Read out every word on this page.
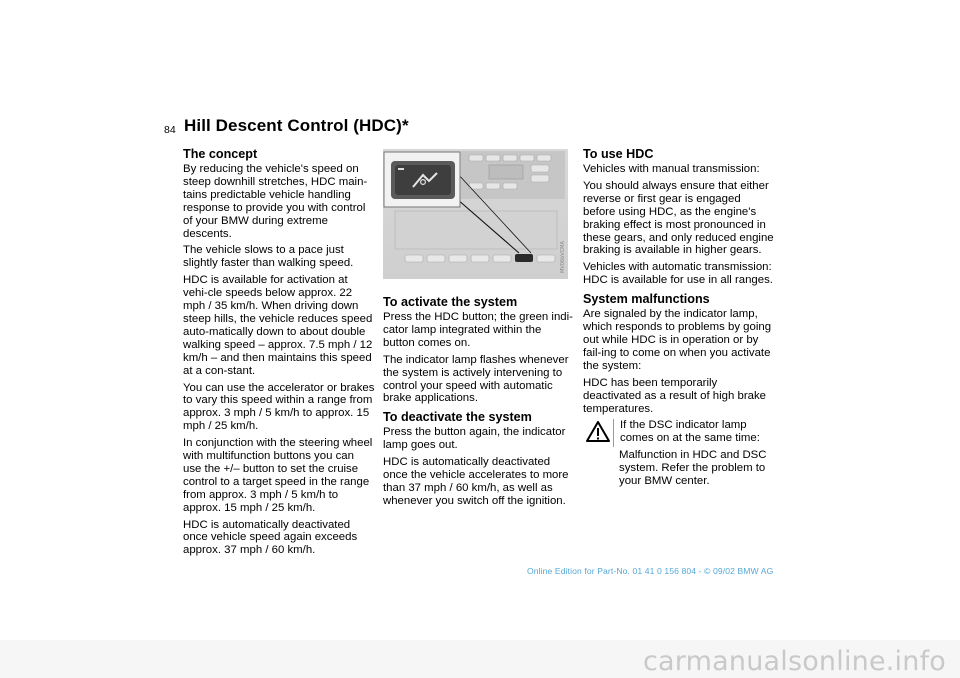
84 Hill Descent Control (HDC)*
The concept

By reducing the vehicle's speed on steep downhill stretches, HDC main-tains predictable vehicle handling response to provide you with control of your BMW during extreme descents.

The vehicle slows to a pace just slightly faster than walking speed.

HDC is available for activation at vehi-cle speeds below approx. 22 mph / 35 km/h. When driving down steep hills, the vehicle reduces speed auto-matically down to about double walking speed – approx. 7.5 mph / 12 km/h – and then maintains this speed at a con-stant.

You can use the accelerator or brakes to vary this speed within a range from approx. 3 mph / 5 km/h to approx. 15 mph / 25 km/h.

In conjunction with the steering wheel with multifunction buttons you can use the +/– button to set the cruise control to a target speed in the range from approx. 3 mph / 5 km/h to approx. 15 mph / 25 km/h.

HDC is automatically deactivated once vehicle speed again exceeds approx. 37 mph / 60 km/h.

MV06bVCMA
To activate the system

Press the HDC button; the green indi-cator lamp integrated within the button comes on.

The indicator lamp flashes whenever the system is actively intervening to control your speed with automatic brake applications.

To deactivate the system

Press the button again, the indicator lamp goes out.

HDC is automatically deactivated once the vehicle accelerates to more than 37 mph / 60 km/h, as well as whenever you switch off the ignition.

To use HDC

Vehicles with manual transmission:

You should always ensure that either reverse or first gear is engaged before using HDC, as the engine's braking effect is most pronounced in these gears, and only reduced engine braking is available in higher gears.

Vehicles with automatic transmission: HDC is available for use in all ranges.

System malfunctions

Are signaled by the indicator lamp, which responds to problems by going out while HDC is in operation or by fail-ing to come on when you activate the system:

HDC has been temporarily deactivated as a result of high brake temperatures.

If the DSC indicator lamp comes on at the same time:

Malfunction in HDC and DSC system. Refer the problem to your BMW center.

Online Edition for Part-No. 01 41 0 156 804 - © 09/02 BMW AG
carmanualsonline.info
